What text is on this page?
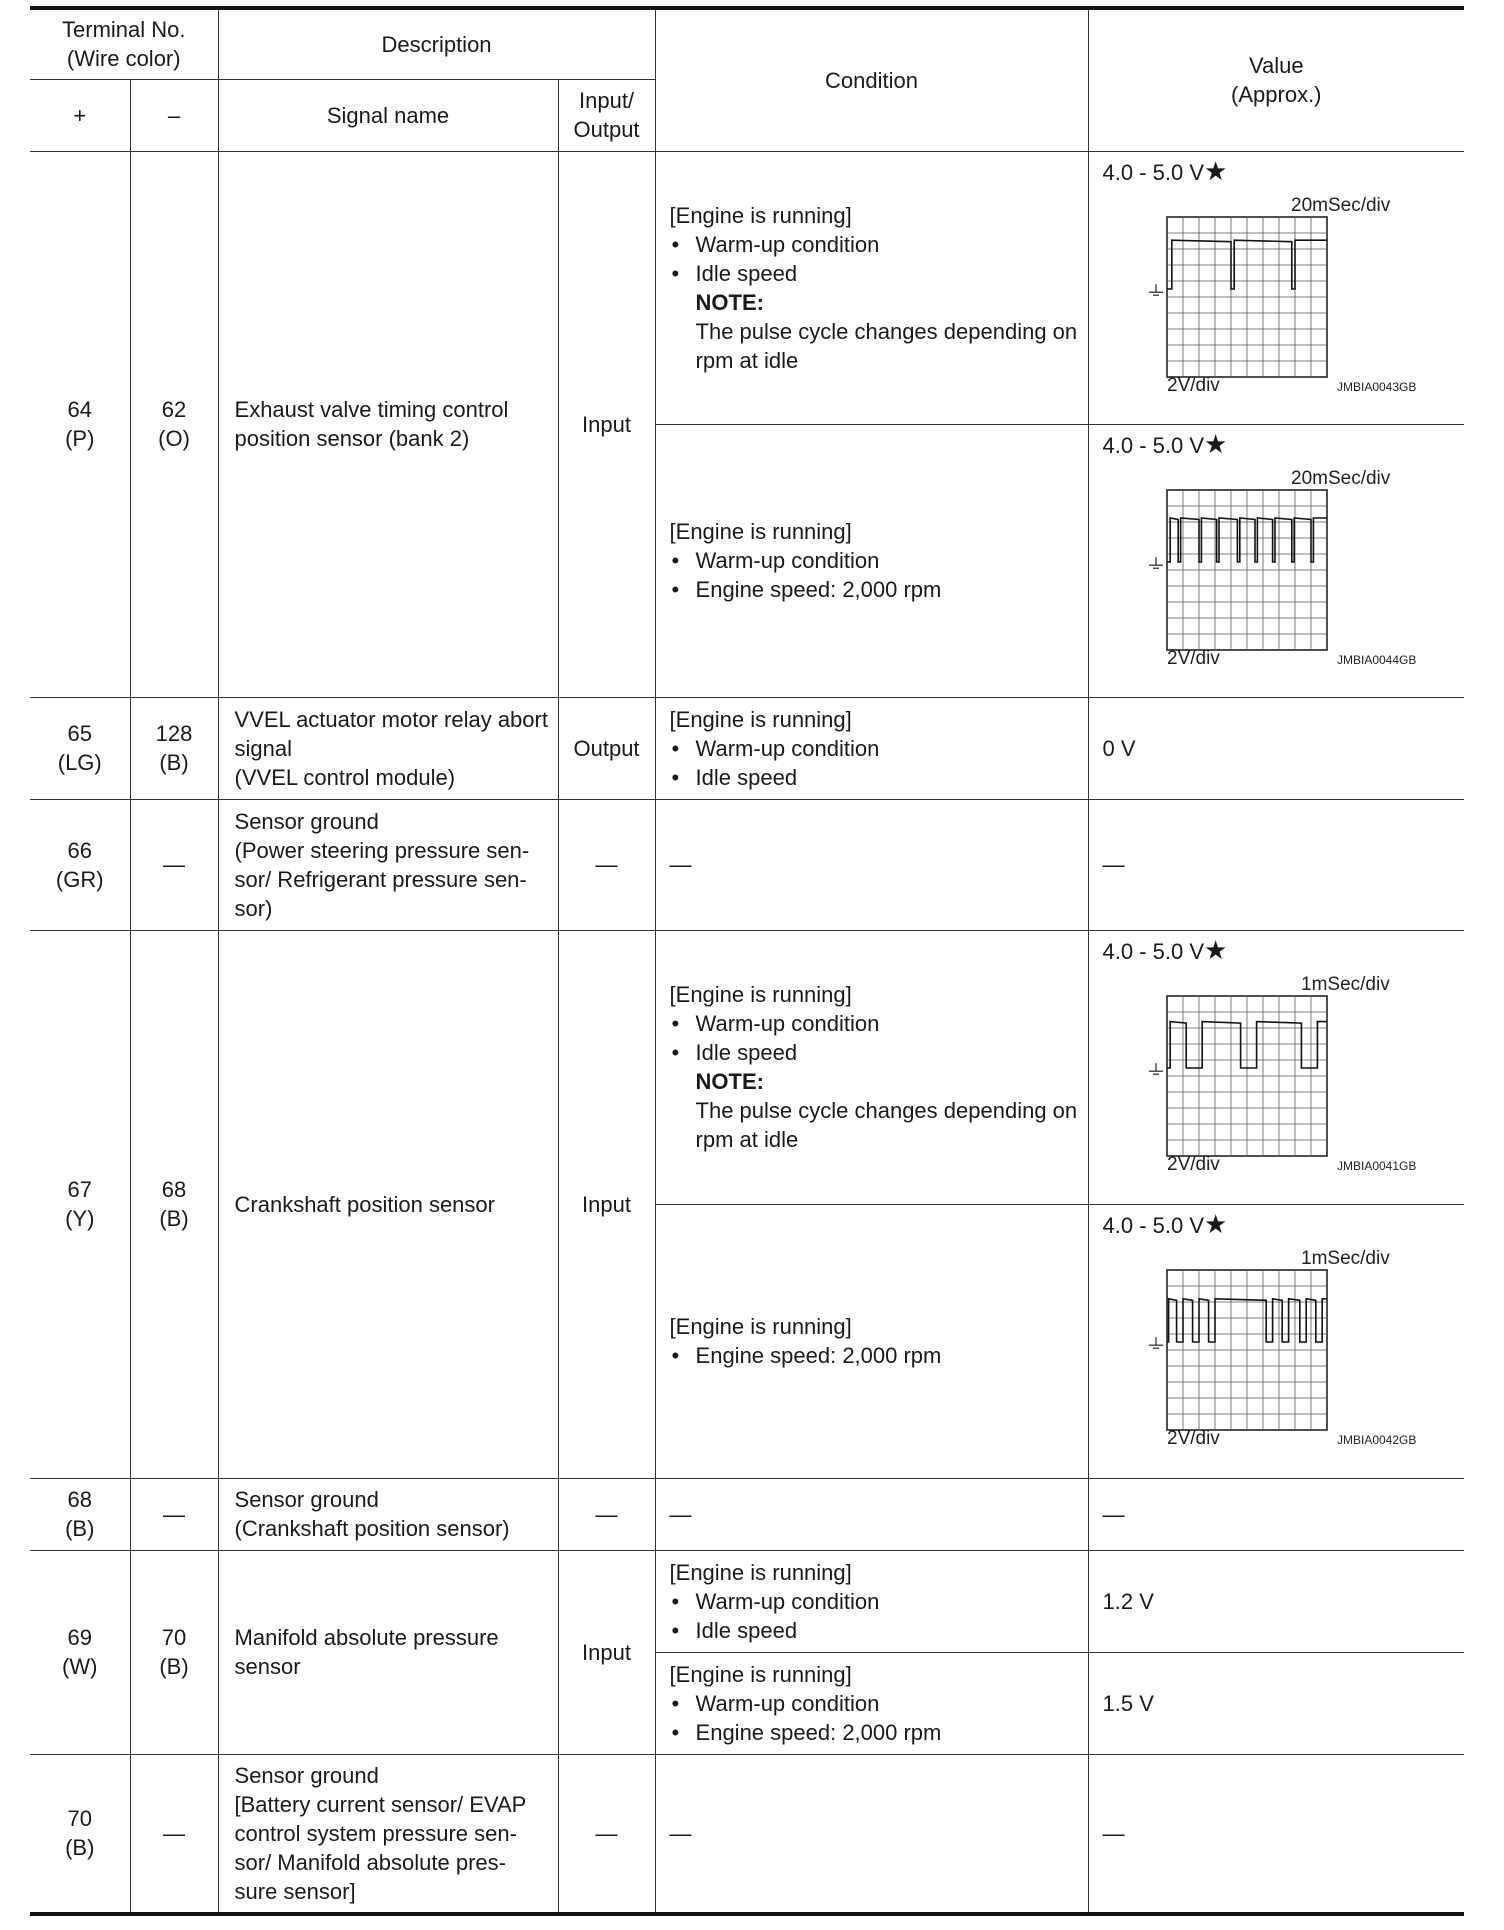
Terminal No.
(Wire color)		Description		Condition	Value
(Approx.)
+	–	Signal name	Input/
Output		
64
(P)	62
(O)	Exhaust valve timing control position sensor (bank 2)	Input	[Engine is running]
• Warm-up condition
• Idle speed
NOTE:
The pulse cycle changes depending on rpm at idle	4.0 - 5.0 V★
20mSec/div
2V/div JMBIA0043GB

				[Engine is running]
• Warm-up condition
• Engine speed: 2,000 rpm	4.0 - 5.0 V★
20mSec/div
2V/div JMBIA0044GB

65
(LG)	128
(B)	VVEL actuator motor relay abort signal
(VVEL control module)	Output	[Engine is running]
• Warm-up condition
• Idle speed	0 V
66
(GR)	—	Sensor ground
(Power steering pressure sen-
sor/ Refrigerant pressure sen-
sor)	—	—	—
67
(Y)	68
(B)	Crankshaft position sensor	Input	[Engine is running]
• Warm-up condition
• Idle speed
NOTE:
The pulse cycle changes depending on rpm at idle	4.0 - 5.0 V★
1mSec/div
2V/div JMBIA0041GB

				[Engine is running]
• Engine speed: 2,000 rpm	4.0 - 5.0 V★
1mSec/div
2V/div JMBIA0042GB

68
(B)	—	Sensor ground
(Crankshaft position sensor)	—	—	—
69
(W)	70
(B)	Manifold absolute pressure sensor	Input	[Engine is running]
• Warm-up condition
• Idle speed	1.2 V

				[Engine is running]
• Warm-up condition
• Engine speed: 2,000 rpm	1.5 V
70
(B)	—	Sensor ground
[Battery current sensor/ EVAP
control system pressure sen-
sor/ Manifold absolute pres-
sure sensor]	—	—	—
